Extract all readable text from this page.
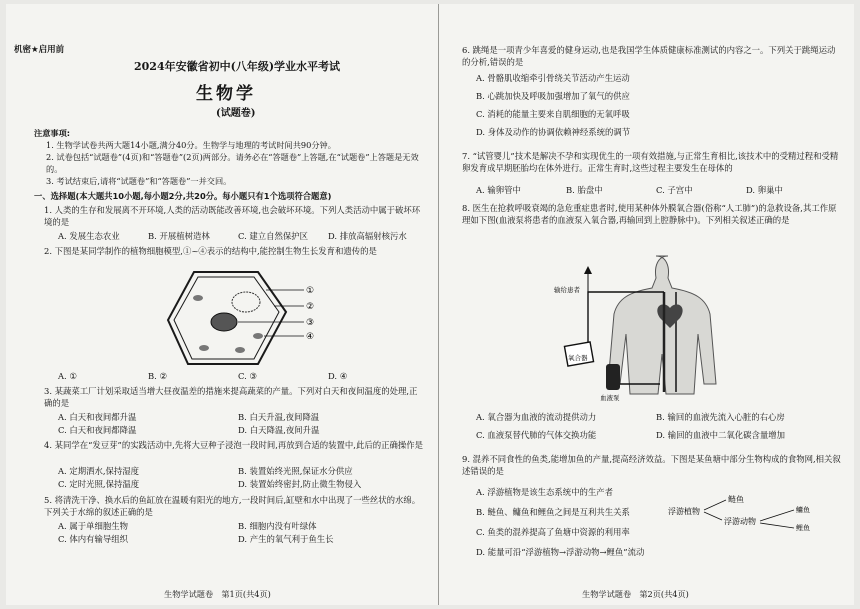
机密★启用前
2024年安徽省初中(八年级)学业水平考试
生物学
(试题卷)
注意事项:
1. 生物学试卷共两大题14小题,满分40分。生物学与地理的考试时间共90分钟。
2. 试卷包括“试题卷”(4页)和“答题卷”(2页)两部分。请务必在“答题卷”上答题,在“试题卷”上答题是无效的。
3. 考试结束后,请将“试题卷”和“答题卷”一并交回。
一、选择题(本大题共10小题,每小题2分,共20分。每小题只有1个选项符合题意)
1. 人类的生存和发展离不开环境,人类的活动既能改善环境,也会破坏环境。下列人类活动中属于破坏环境的是
A. 发展生态农业	B. 开展植树造林	C. 建立自然保护区 D. 排放高辐射核污水
2. 下图是某同学制作的植物细胞模型,①~④表示的结构中,能控制生物生长发育和遗传的是
①
②
③
④
A. ①	B. ②	C. ③	D. ④
3. 某蔬菜工厂计划采取适当增大昼夜温差的措施来提高蔬菜的产量。下列对白天和夜间温度的处理,正确的是
A. 白天和夜间都升温	B. 白天升温,夜间降温
C. 白天和夜间都降温	D. 白天降温,夜间升温
4. 某同学在“发豆芽”的实践活动中,先将大豆种子浸泡一段时间,再放到合适的装置中,此后的正确操作是
A. 定期洒水,保持湿度	B. 装置始终光照,保证水分供应
C. 定时光照,保持温度	D. 装置始终密封,防止微生物侵入
5. 将清洗干净、换水后的鱼缸放在温暖有阳光的地方,一段时间后,缸壁和水中出现了一些丝状的水绵。下列关于水绵的叙述正确的是
A. 属于单细胞生物	B. 细胞内没有叶绿体
C. 体内有输导组织	D. 产生的氧气利于鱼生长
生物学试题卷　第1页(共4页)
6. 跳绳是一项青少年喜爱的健身运动,也是我国学生体质健康标准测试的内容之一。下列关于跳绳运动的分析,错误的是
A. 骨骼肌收缩牵引骨绕关节活动产生运动
B. 心跳加快及呼吸加强增加了氧气的供应
C. 消耗的能量主要来自肌细胞的无氧呼吸
D. 身体及动作的协调依赖神经系统的调节
7. “试管婴儿”技术是解决不孕和实现优生的一项有效措施,与正常生育相比,该技术中的受精过程和受精卵发育成早期胚胎均在体外进行。正常生育时,这些过程主要发生在母体的
A. 输卵管中	B. 胎盘中	C. 子宫中	D. 卵巢中
8. 医生在抢救呼吸衰竭的急危重症患者时,使用某种体外膜氧合器(俗称“人工肺”)的急救设备,其工作原理如下图(血液泵将患者的血液泵入氧合器,再输回到上腔静脉中)。下列相关叙述正确的是
输给患者
氧合器
血液泵
A. 氧合器为血液的流动提供动力	B. 输回的血液先流入心脏的右心房
C. 血液泵替代肺的气体交换功能	D. 输回的血液中二氧化碳含量增加
9. 混养不同食性的鱼类,能增加鱼的产量,提高经济效益。下图是某鱼塘中部分生物构成的食物网,相关叙述错误的是
A. 浮游植物是该生态系统中的生产者
B. 鲢鱼、鳙鱼和鲤鱼之间是互利共生关系
C. 鱼类的混养提高了鱼塘中资源的利用率
D. 能量可沿“浮游植物→浮游动物→鲤鱼”流动
浮游植物
浮游动物
鲢鱼
鳙鱼
鲤鱼
生物学试题卷　第2页(共4页)
